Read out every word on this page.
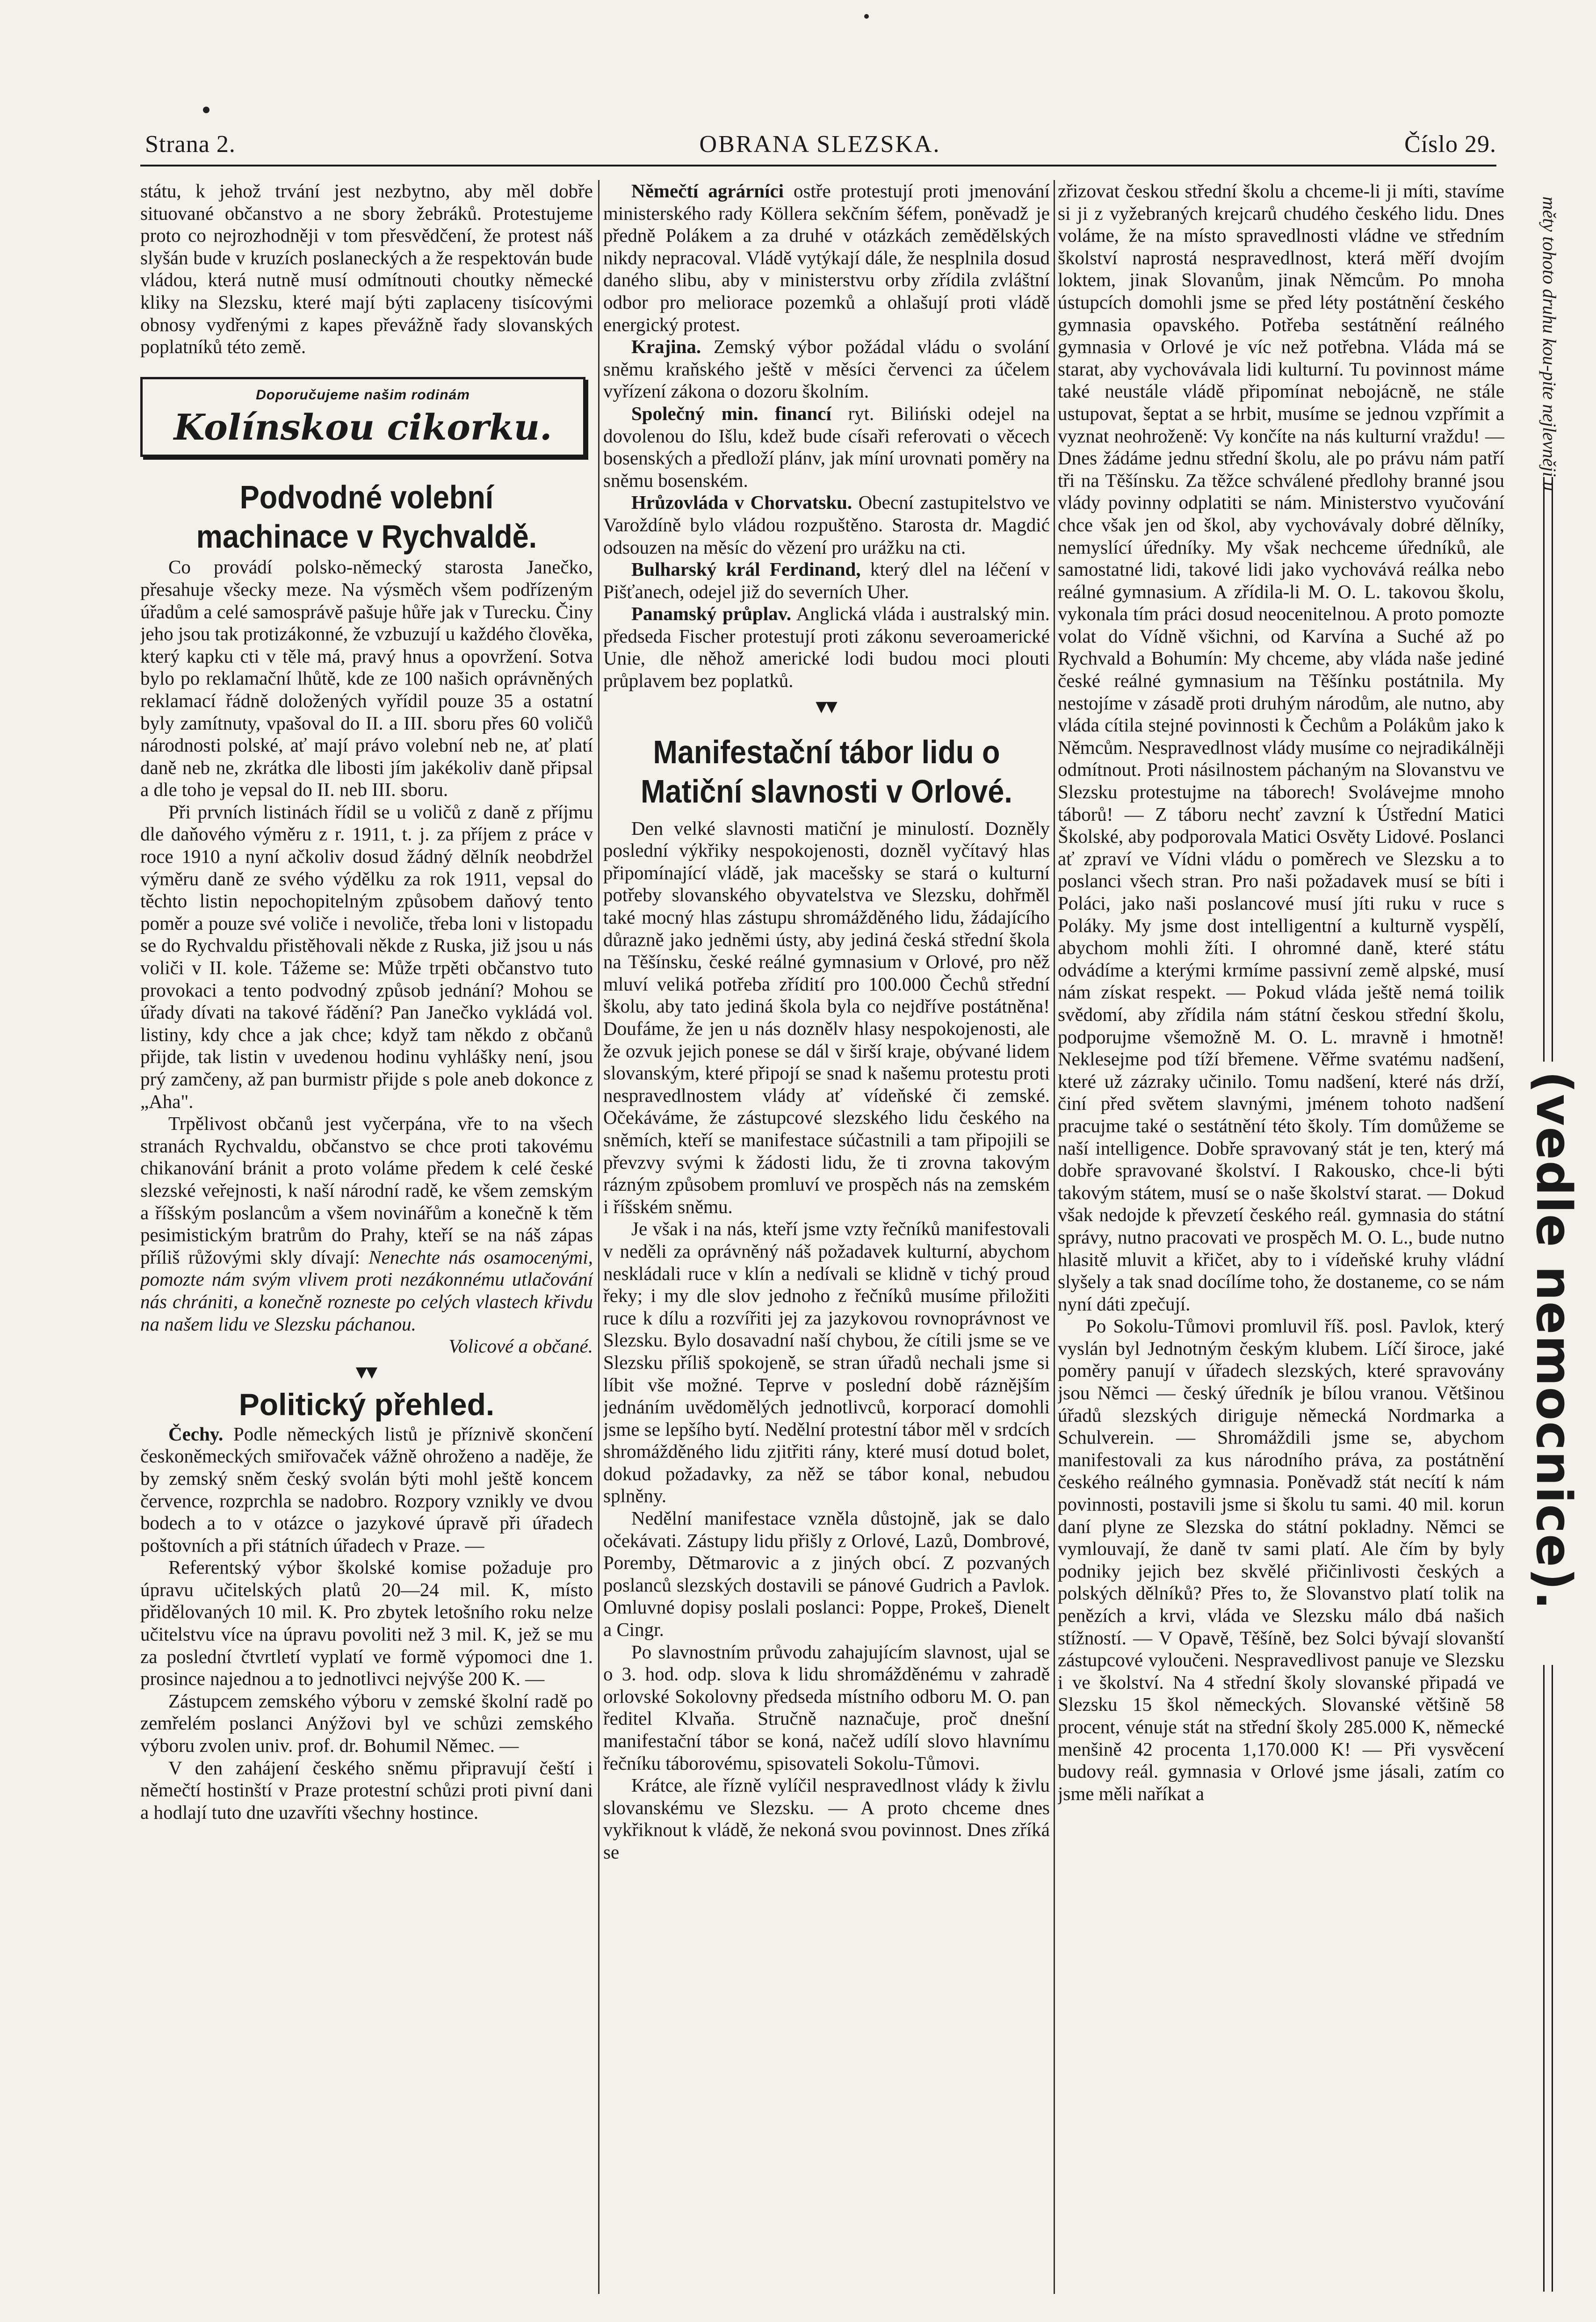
Strana 2.	OBRANA SLEZSKA.	Číslo 29.

státu, k jehož trvání jest nezbytno, aby měl dobře situované občanstvo a ne sbory žebráků. Protestujeme proto co nejrozhodněji v tom přesvědčení, že protest náš slyšán bude v kruzích poslaneckých a že respektován bude vládou, která nutně musí odmítnouti choutky německé kliky na Slezsku, které mají býti zaplaceny tisícovými obnosy vydřenými z kapes převážně řady slovanských poplatníků této země.

Doporučujeme našim rodinám
Kolínskou cikorku.
Podvodné volební machinace v Rychvaldě.

Co provádí polsko-německý starosta Janečko, přesahuje všecky meze. Na výsměch všem podřízeným úřadům a celé samosprávě pašuje hůře jak v Turecku. Činy jeho jsou tak protizákonné, že vzbuzují u každého člověka, který kapku cti v těle má, pravý hnus a opovržení. Sotva bylo po reklamační lhůtě, kde ze 100 našich oprávněných reklamací řádně doložených vyřídil pouze 35 a ostatní byly zamítnuty, vpašoval do II. a III. sboru přes 60 voličů národnosti polské, ať mají právo volební neb ne, ať platí daně neb ne, zkrátka dle libosti jím jakékoliv daně připsal a dle toho je vepsal do II. neb III. sboru.

Při prvních listinách řídil se u voličů z daně z příjmu dle daňového výměru z r. 1911, t. j. za příjem z práce v roce 1910 a nyní ačkoliv dosud žádný dělník neobdržel výměru daně ze svého výdělku za rok 1911, vepsal do těchto listin nepochopitelným způsobem daňový tento poměr a pouze své voliče i nevoliče, třeba loni v listopadu se do Rychvaldu přistěhovali někde z Ruska, již jsou u nás voliči v II. kole. Tážeme se: Může trpěti občanstvo tuto provokaci a tento podvodný způsob jednání? Mohou se úřady dívati na takové řádění? Pan Janečko vykládá vol. listiny, kdy chce a jak chce; když tam někdo z občanů přijde, tak listin v uvedenou hodinu vyhlášky není, jsou prý zamčeny, až pan burmistr přijde s pole aneb dokonce z „Aha".

Trpělivost občanů jest vyčerpána, vře to na všech stranách Rychvaldu, občanstvo se chce proti takovému chikanování bránit a proto voláme předem k celé české slezské veřejnosti, k naší národní radě, ke všem zemským a říšským poslancům a všem novinářům a konečně k těm pesimistickým bratrům do Prahy, kteří se na náš zápas příliš růžovými skly dívají: Nenechte nás osamocenými, pomozte nám svým vlivem proti nezákonnému utlačování nás chrániti, a konečně rozneste po celých vlastech křivdu na našem lidu ve Slezsku páchanou.

Volicové a občané.

▾▾
Politický přehled.

Čechy. Podle německých listů je příznivě skončení českoněmeckých smiřovaček vážně ohroženo a naděje, že by zemský sněm český svolán býti mohl ještě koncem července, rozprchla se nadobro. Rozpory vznikly ve dvou bodech a to v otázce o jazykové úpravě při úřadech poštovních a při státních úřadech v Praze. —

Referentský výbor školské komise požaduje pro úpravu učitelských platů 20—24 mil. K, místo přidělovaných 10 mil. K. Pro zbytek letošního roku nelze učitelstvu více na úpravu povoliti než 3 mil. K, jež se mu za poslední čtvrtletí vyplatí ve formě výpomoci dne 1. prosince najednou a to jednotlivci nejvýše 200 K. —

Zástupcem zemského výboru v zemské školní radě po zemřelém poslanci Anýžovi byl ve schůzi zemského výboru zvolen univ. prof. dr. Bohumil Němec. —

V den zahájení českého sněmu připravují čeští i němečtí hostinští v Praze protestní schůzi proti pivní dani a hodlají tuto dne uzavříti všechny hostince.

Němečtí agrárníci ostře protestují proti jmenování ministerského rady Köllera sekčním šéfem, poněvadž je předně Polákem a za druhé v otázkách zemědělských nikdy nepracoval. Vládě vytýkají dále, že nesplnila dosud daného slibu, aby v ministerstvu orby zřídila zvláštní odbor pro meliorace pozemků a ohlašují proti vládě energický protest.

Krajina. Zemský výbor požádal vládu o svolání sněmu kraňského ještě v měsíci červenci za účelem vyřízení zákona o dozoru školním.

Společný min. financí ryt. Biliński odejel na dovolenou do Išlu, kdež bude císaři referovati o věcech bosenských a předloží plánv, jak míní urovnati poměry na sněmu bosenském.

Hrůzovláda v Chorvatsku. Obecní zastupitelstvo ve Varoždíně bylo vládou rozpuštěno. Starosta dr. Magdić odsouzen na měsíc do vězení pro urážku na cti.

Bulharský král Ferdinand, který dlel na léčení v Pišťanech, odejel již do severních Uher.

Panamský průplav. Anglická vláda i australský min. předseda Fischer protestují proti zákonu severoamerické Unie, dle něhož americké lodi budou moci plouti průplavem bez poplatků.

▾▾
Manifestační tábor lidu o Matiční slavnosti v Orlové.

Den velké slavnosti matiční je minulostí. Dozněly poslední výkřiky nespokojenosti, dozněl vyčítavý hlas připomínající vládě, jak macešsky se stará o kulturní potřeby slovanského obyvatelstva ve Slezsku, dohřměl také mocný hlas zástupu shromážděného lidu, žádajícího důrazně jako jedněmi ústy, aby jediná česká střední škola na Těšínsku, české reálné gymnasium v Orlové, pro něž mluví veliká potřeba zřídití pro 100.000 Čechů střední školu, aby tato jediná škola byla co nejdříve postátněna! Doufáme, že jen u nás doznělv hlasy nespokojenosti, ale že ozvuk jejich ponese se dál v širší kraje, obývané lidem slovanským, které připojí se snad k našemu protestu proti nespravedlnostem vlády ať vídeňské či zemské. Očekáváme, že zástupcové slezského lidu českého na sněmích, kteří se manifestace súčastnili a tam připojili se převzvy svými k žádosti lidu, že ti zrovna takovým rázným způsobem promluví ve prospěch nás na zemském i říšském sněmu.

Je však i na nás, kteří jsme vzty řečníků manifestovali v neděli za oprávněný náš požadavek kulturní, abychom neskládali ruce v klín a nedívali se klidně v tichý proud řeky; i my dle slov jednoho z řečníků musíme přiložiti ruce k dílu a rozvířiti jej za jazykovou rovnoprávnost ve Slezsku. Bylo dosavadní naší chybou, že cítili jsme se ve Slezsku příliš spokojeně, se stran úřadů nechali jsme si líbit vše možné. Teprve v poslední době ráznějším jednáním uvědomělých jednotlivců, korporací domohli jsme se lepšího bytí. Nedělní protestní tábor měl v srdcích shromážděného lidu zjitřiti rány, které musí dotud bolet, dokud požadavky, za něž se tábor konal, nebudou splněny.

Nedělní manifestace vzněla důstojně, jak se dalo očekávati. Zástupy lidu přišly z Orlové, Lazů, Dombrové, Poremby, Dětmarovic a z jiných obcí. Z pozvaných poslanců slezských dostavili se pánové Gudrich a Pavlok. Omluvné dopisy poslali poslanci: Poppe, Prokeš, Dienelt a Cingr.

Po slavnostním průvodu zahajujícím slavnost, ujal se o 3. hod. odp. slova k lidu shromážděnému v zahradě orlovské Sokolovny předseda místního odboru M. O. pan ředitel Klvaňa. Stručně naznačuje, proč dnešní manifestační tábor se koná, načež udílí slovo hlavnímu řečníku táborovému, spisovateli Sokolu-Tůmovi.

Krátce, ale řízně vylíčil nespravedlnost vlády k živlu slovanskému ve Slezsku. — A proto chceme dnes vykřiknout k vládě, že nekoná svou povinnost. Dnes zříká se

zřizovat českou střední školu a chceme-li ji míti, stavíme si ji z vyžebraných krejcarů chudého českého lidu. Dnes voláme, že na místo spravedlnosti vládne ve středním školství naprostá nespravedlnost, která měří dvojím loktem, jinak Slovanům, jinak Němcům. Po mnoha ústupcích domohli jsme se před léty postátnění českého gymnasia opavského. Potřeba sestátnění reálného gymnasia v Orlové je víc než potřebna. Vláda má se starat, aby vychovávala lidi kulturní. Tu povinnost máme také neustále vládě připomínat nebojácně, ne stále ustupovat, šeptat a se hrbit, musíme se jednou vzpřímit a vyznat neohroženě: Vy končíte na nás kulturní vraždu! — Dnes žádáme jednu střední školu, ale po právu nám patří tři na Těšínsku. Za těžce schválené předlohy branné jsou vlády povinny odplatiti se nám. Ministerstvo vyučování chce však jen od škol, aby vychovávaly dobré dělníky, nemyslící úředníky. My však nechceme úředníků, ale samostatné lidi, takové lidi jako vychovává reálka nebo reálné gymnasium. A zřídila-li M. O. L. takovou školu, vykonala tím práci dosud neocenitelnou. A proto pomozte volat do Vídně všichni, od Karvína a Suché až po Rychvald a Bohumín: My chceme, aby vláda naše jediné české reálné gymnasium na Těšínku postátnila. My nestojíme v zásadě proti druhým národům, ale nutno, aby vláda cítila stejné povinnosti k Čechům a Polákům jako k Němcům. Nespravedlnost vlády musíme co nejradikálněji odmítnout. Proti násilnostem páchaným na Slovanstvu ve Slezsku protestujme na táborech! Svolávejme mnoho táborů! — Z táboru nechť zavzní k Ústřední Matici Školské, aby podporovala Matici Osvěty Lidové. Poslanci ať zpraví ve Vídni vládu o poměrech ve Slezsku a to poslanci všech stran. Pro naši požadavek musí se bíti i Poláci, jako naši poslancové musí jíti ruku v ruce s Poláky. My jsme dost intelligentní a kulturně vyspělí, abychom mohli žíti. I ohromné daně, které státu odvádíme a kterými krmíme passivní země alpské, musí nám získat respekt. — Pokud vláda ještě nemá toilik svědomí, aby zřídila nám státní českou střední školu, podporujme všemožně M. O. L. mravně i hmotně! Neklesejme pod tíží břemene. Věřme svatému nadšení, které už zázraky učinilo. Tomu nadšení, které nás drží, činí před světem slavnými, jménem tohoto nadšení pracujme také o sestátnění této školy. Tím domůžeme se naší intelligence. Dobře spravovaný stát je ten, který má dobře spravované školství. I Rakousko, chce-li býti takovým státem, musí se o naše školství starat. — Dokud však nedojde k převzetí českého reál. gymnasia do státní správy, nutno pracovati ve prospěch M. O. L., bude nutno hlasitě mluvit a křičet, aby to i vídeňské kruhy vládní slyšely a tak snad docílíme toho, že dostaneme, co se nám nyní dáti zpečují.

Po Sokolu-Tůmovi promluvil říš. posl. Pavlok, který vyslán byl Jednotným českým klubem. Líčí široce, jaké poměry panují v úřadech slezských, které spravovány jsou Němci — český úředník je bílou vranou. Většinou úřadů slezských diriguje německá Nordmarka a Schulverein. — Shromáždili jsme se, abychom manifestovali za kus národního práva, za postátnění českého reálného gymnasia. Poněvadž stát necítí k nám povinnosti, postavili jsme si školu tu sami. 40 mil. korun daní plyne ze Slezska do státní pokladny. Němci se vymlouvají, že daně tv sami platí. Ale čím by byly podniky jejich bez skvělé přičinlivosti českých a polských dělníků? Přes to, že Slovanstvo platí tolik na penězích a krvi, vláda ve Slezsku málo dbá našich stížností. — V Opavě, Těšíně, bez Solci bývají slovanští zástupcové vyloučeni. Nespravedlivost panuje ve Slezsku i ve školství. Na 4 střední školy slovanské připadá ve Slezsku 15 škol německých. Slovanské většině 58 procent, vénuje stát na střední školy 285.000 K, německé menšině 42 procenta 1,170.000 K! — Při vysvěcení budovy reál. gymnasia v Orlové jsme jásali, zatím co jsme měli naříkat a

měty tohoto druhu kou-pite nejlevněji u
(vedle nemocnice).
